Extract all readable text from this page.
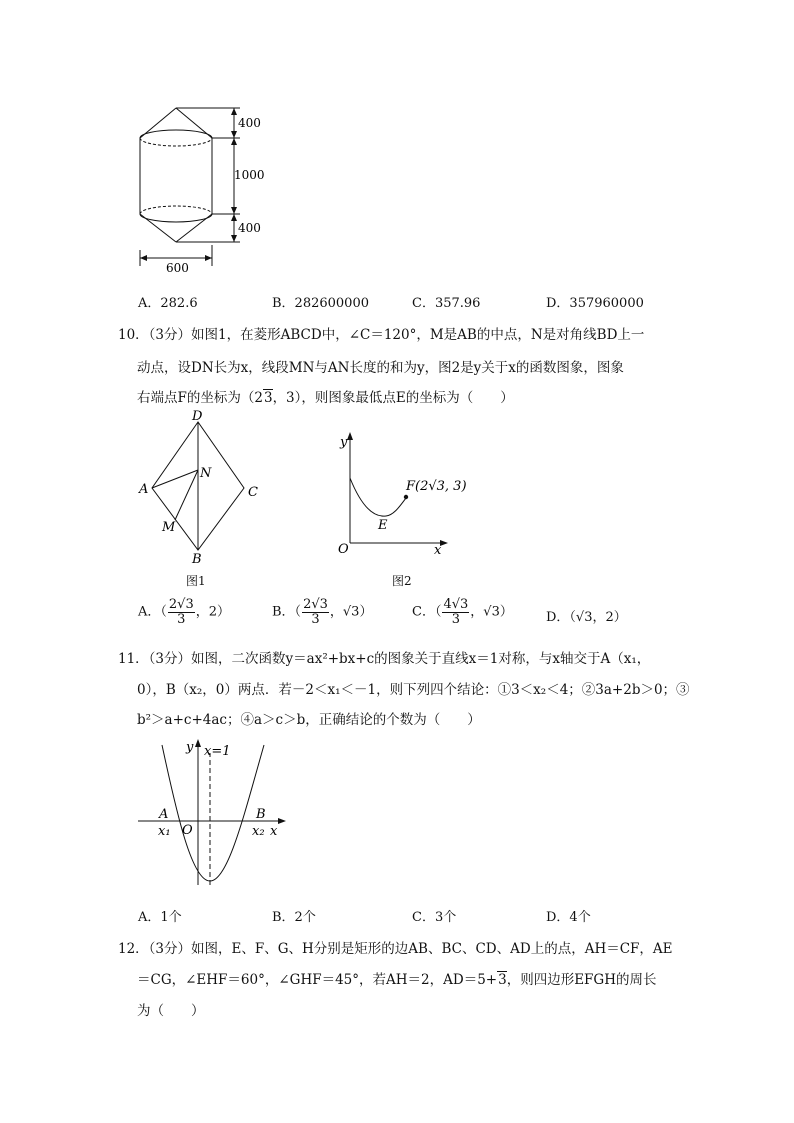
400
1000
400
600
A．282.6	B．282600000	C．357.96	D．357960000
10．（3分）如图1，在菱形ABCD中，∠C＝120°，M是AB的中点，N是对角线BD上一
动点，设DN长为x，线段MN与AN长度的和为y，图2是y关于x的函数图象，图象
右端点F的坐标为（23，3），则图象最低点E的坐标为（　　）
D
A
N
C
M
B
图1
y
F(2√3, 3)
E
O	x
图2
A．（ $\frac{2√3}{3}$ ，2）	B．（ $\frac{2√3}{3}$ ，√3）	C．（ $\frac{4√3}{3}$ ，√3）	D．（√3，2）
11．（3分）如图，二次函数y＝ax²+bx+c的图象关于直线x＝1对称，与x轴交于A（x₁，
0），B（x₂，0）两点．若－2＜x₁＜－1，则下列四个结论：①3＜x₂＜4；②3a+2b＞0；③
b²＞a+c+4ac；④a＞c＞b，正确结论的个数为（　　）
y x=1
A	B
x₁ O	x₂ x
A．1个	B．2个	C．3个	D．4个
12．（3分）如图，E、F、G、H分别是矩形的边AB、BC、CD、AD上的点，AH＝CF，AE
＝CG，∠EHF＝60°，∠GHF＝45°，若AH＝2，AD＝5+3，则四边形EFGH的周长
为（　　）
